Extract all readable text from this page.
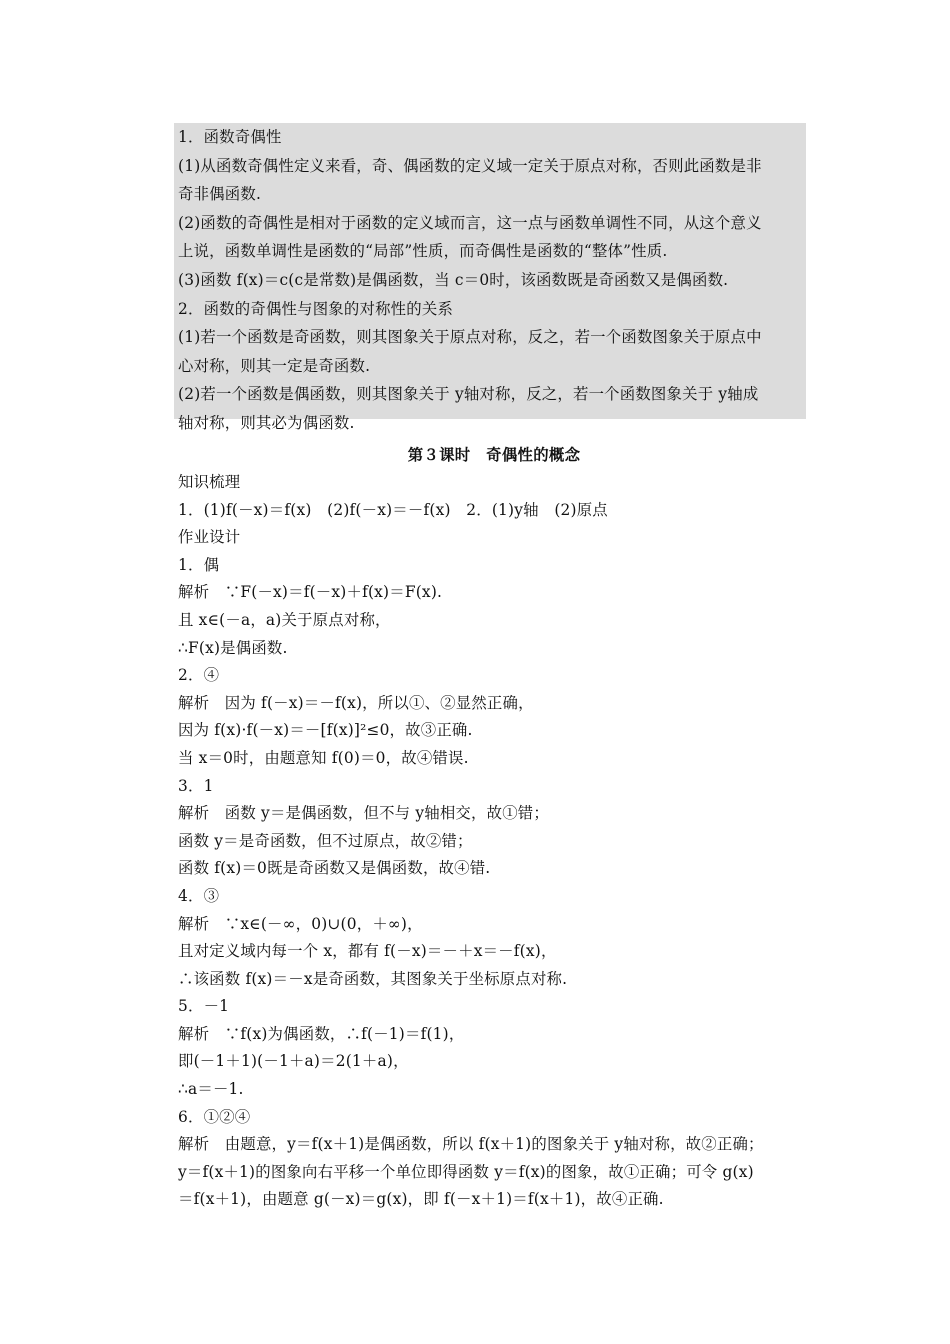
1．函数奇偶性
(1)从函数奇偶性定义来看，奇、偶函数的定义域一定关于原点对称，否则此函数是非
奇非偶函数.
(2)函数的奇偶性是相对于函数的定义域而言，这一点与函数单调性不同，从这个意义
上说，函数单调性是函数的“局部”性质，而奇偶性是函数的“整体”性质.
(3)函数 f(x)＝c(c是常数)是偶函数，当 c＝0时，该函数既是奇函数又是偶函数.
2．函数的奇偶性与图象的对称性的关系
(1)若一个函数是奇函数，则其图象关于原点对称，反之，若一个函数图象关于原点中
心对称，则其一定是奇函数.
(2)若一个函数是偶函数，则其图象关于 y轴对称，反之，若一个函数图象关于 y轴成
轴对称，则其必为偶函数.
第３课时　奇偶性的概念
知识梳理
1．(1)f(－x)＝f(x)　(2)f(－x)＝－f(x)　2．(1)y轴　(2)原点
作业设计
1．偶
解析　∵F(－x)＝f(－x)＋f(x)＝F(x).
且 x∈(－a，a)关于原点对称，
∴F(x)是偶函数.
2．④
解析　因为 f(－x)＝－f(x)，所以①、②显然正确，
因为 f(x)·f(－x)＝－[f(x)]²≤0，故③正确.
当 x＝0时，由题意知 f(0)＝0，故④错误.
3．1
解析　函数 y＝是偶函数，但不与 y轴相交，故①错；
函数 y＝是奇函数，但不过原点，故②错；
函数 f(x)＝0既是奇函数又是偶函数，故④错.
4．③
解析　∵x∈(－∞，0)∪(0，＋∞)，
且对定义域内每一个 x，都有 f(－x)＝－＋x＝－f(x)，
∴该函数 f(x)＝－x是奇函数，其图象关于坐标原点对称.
5．－1
解析　∵f(x)为偶函数，∴f(－1)＝f(1)，
即(－1＋1)(－1＋a)＝2(1＋a)，
∴a＝－1.
6．①②④
解析　由题意，y＝f(x＋1)是偶函数，所以 f(x＋1)的图象关于 y轴对称，故②正确；
y＝f(x＋1)的图象向右平移一个单位即得函数 y＝f(x)的图象，故①正确；可令 g(x)
＝f(x＋1)，由题意 g(－x)＝g(x)，即 f(－x＋1)＝f(x＋1)，故④正确.
